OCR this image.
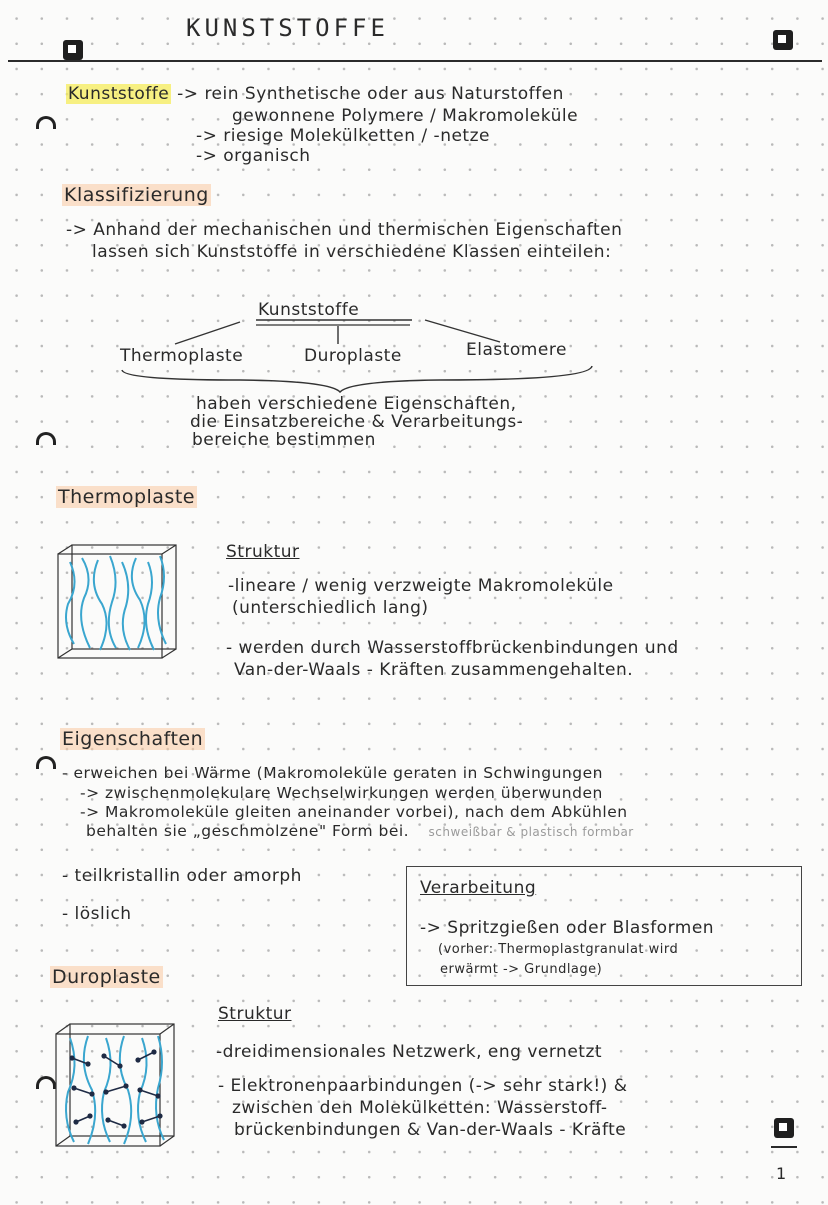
KUNSTSTOFFE
Kunststoffe -> rein Synthetische oder aus Naturstoffen
gewonnene Polymere / Makromoleküle
-> riesige Molekülketten / -netze
-> organisch
Klassifizierung
-> Anhand der mechanischen und thermischen Eigenschaften
lassen sich Kunststoffe in verschiedene Klassen einteilen:
Kunststoffe
Thermoplaste	Duroplaste	Elastomere
haben verschiedene Eigenschaften,
die Einsatzbereiche & Verarbeitungs-
bereiche bestimmen
Thermoplaste
Struktur
-lineare / wenig verzweigte Makromoleküle
(unterschiedlich lang)
- werden durch Wasserstoffbrückenbindungen und
Van-der-Waals - Kräften zusammengehalten.
Eigenschaften
- erweichen bei Wärme (Makromoleküle geraten in Schwingungen
-> zwischenmolekulare Wechselwirkungen werden überwunden
-> Makromoleküle gleiten aneinander vorbei), nach dem Abkühlen
behalten sie „geschmolzene" Form bei. schweißbar & plastisch formbar
- teilkristallin oder amorph
- löslich
Verarbeitung
-> Spritzgießen oder Blasformen
(vorher: Thermoplastgranulat wird
erwärmt -> Grundlage)
Duroplaste
Struktur
-dreidimensionales Netzwerk, eng vernetzt
- Elektronenpaarbindungen (-> sehr stark!) &
zwischen den Molekülketten: Wasserstoff-
brückenbindungen & Van-der-Waals - Kräfte
1
